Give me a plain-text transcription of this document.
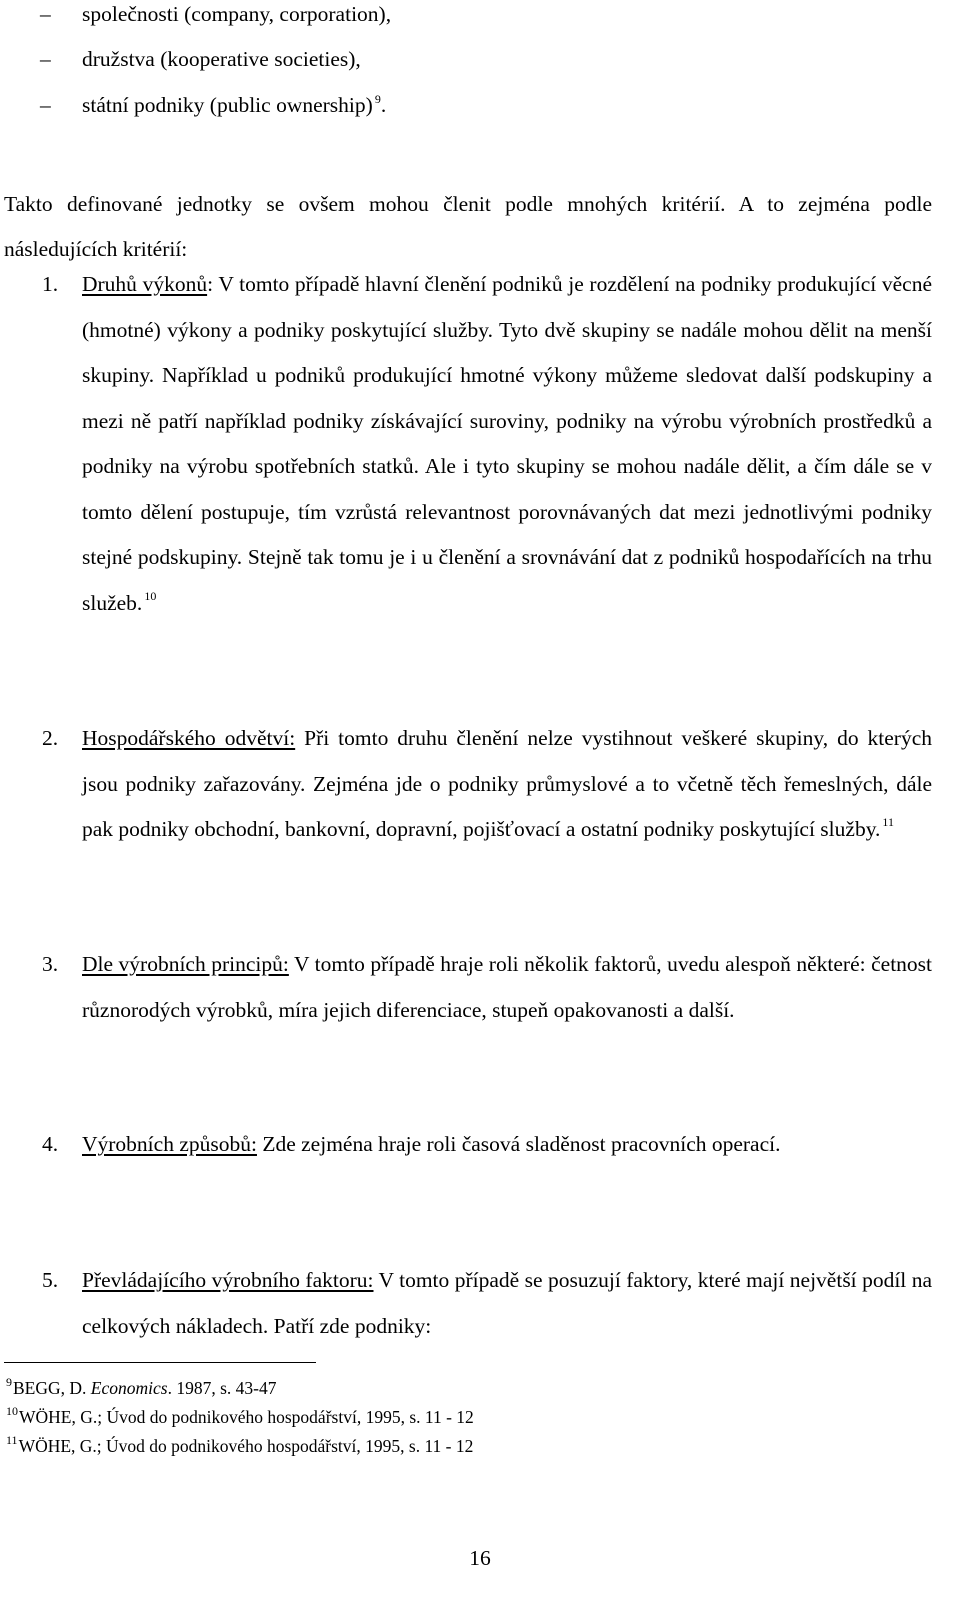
– společnosti (company, corporation),
– družstva (kooperative societies),
– státní podniky (public ownership) $^9$.
Takto definované jednotky se ovšem mohou členit podle mnohých kritérií. A to zejména podle následujících kritérií:
1. Druhů výkonů: V tomto případě hlavní členění podniků je rozdělení na podniky produkující věcné (hmotné) výkony a podniky poskytující služby. Tyto dvě skupiny se nadále mohou dělit na menší skupiny. Například u podniků produkující hmotné výkony můžeme sledovat další podskupiny a mezi ně patří například podniky získávající suroviny, podniky na výrobu výrobních prostředků a podniky na výrobu spotřebních statků. Ale i tyto skupiny se mohou nadále dělit, a čím dále se v tomto dělení postupuje, tím vzrůstá relevantnost porovnávaných dat mezi jednotlivými podniky stejné podskupiny. Stejně tak tomu je i u členění a srovnávání dat z podniků hospodařících na trhu služeb. $^{10}$
2. Hospodářského odvětví: Při tomto druhu členění nelze vystihnout veškeré skupiny, do kterých jsou podniky zařazovány. Zejména jde o podniky průmyslové a to včetně těch řemeslných, dále pak podniky obchodní, bankovní, dopravní, pojišťovací a ostatní podniky poskytující služby. $^{11}$
3. Dle výrobních principů: V tomto případě hraje roli několik faktorů, uvedu alespoň některé: četnost různorodých výrobků, míra jejich diferenciace, stupeň opakovanosti a další.
4. Výrobních způsobů: Zde zejména hraje roli časová sladěnost pracovních operací.
5. Převládajícího výrobního faktoru: V tomto případě se posuzují faktory, které mají největší podíl na celkových nákladech. Patří zde podniky:
$^9$BEGG, D. Economics. 1987, s. 43-47
$^{10}$WÖHE, G.; Úvod do podnikového hospodářství, 1995, s. 11 - 12
$^{11}$WÖHE, G.; Úvod do podnikového hospodářství, 1995, s. 11 - 12
16
